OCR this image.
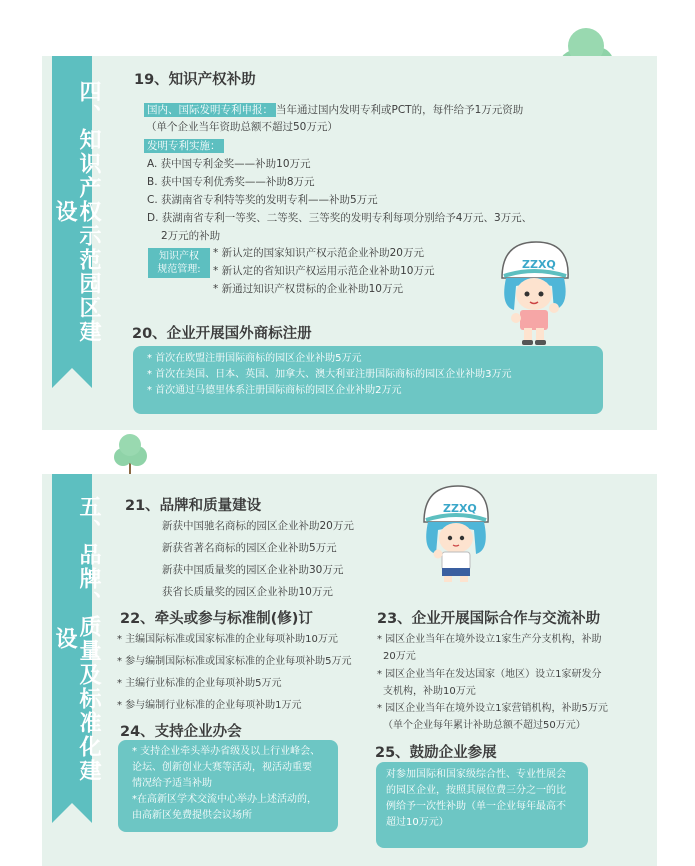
四、知识产权示范园区建设
19、知识产权补助
国内、国际发明专利申报： 当年通过国内发明专利或PCT的，每件给予1万元资助
（单个企业当年资助总额不超过50万元）
发明专利实施：
A. 获中国专利金奖——补助10万元
B. 获中国专利优秀奖——补助8万元
C. 获湖南省专利特等奖的发明专利——补助5万元
D. 获湖南省专利一等奖、二等奖、三等奖的发明专利每项分别给予4万元、3万元、
2万元的补助
知识产权
规范管理:
* 新认定的国家知识产权示范企业补助20万元
* 新认定的省知识产权运用示范企业补助10万元
* 新通过知识产权贯标的企业补助10万元
20、企业开展国外商标注册
* 首次在欧盟注册国际商标的园区企业补助5万元
* 首次在美国、日本、英国、加拿大、澳大利亚注册国际商标的园区企业补助3万元
* 首次通过马德里体系注册国际商标的园区企业补助2万元
ZZXQ
五、品牌、质量及标准化建设
21、品牌和质量建设
新获中国驰名商标的园区企业补助20万元
新获省著名商标的园区企业补助5万元
新获中国质量奖的园区企业补助30万元
获省长质量奖的园区企业补助10万元
ZZXQ
22、牵头或参与标准制(修)订
* 主编国际标准或国家标准的企业每项补助10万元
* 参与编制国际标准或国家标准的企业每项补助5万元
* 主编行业标准的企业每项补助5万元
* 参与编制行业标准的企业每项补助1万元
23、企业开展国际合作与交流补助
* 园区企业当年在境外设立1家生产分支机构，补助
20万元
* 园区企业当年在发达国家（地区）设立1家研发分
支机构，补助10万元
* 园区企业当年在境外设立1家营销机构，补助5万元
（单个企业每年累计补助总额不超过50万元）
24、支持企业办会
* 支持企业牵头举办省级及以上行业峰会、
论坛、创新创业大赛等活动，视活动重要
情况给予适当补助
*在高新区学术交流中心举办上述活动的，
由高新区免费提供会议场所
25、鼓励企业参展
对参加国际和国家级综合性、专业性展会
的园区企业，按照其展位费三分之一的比
例给予一次性补助（单一企业每年最高不
超过10万元）
